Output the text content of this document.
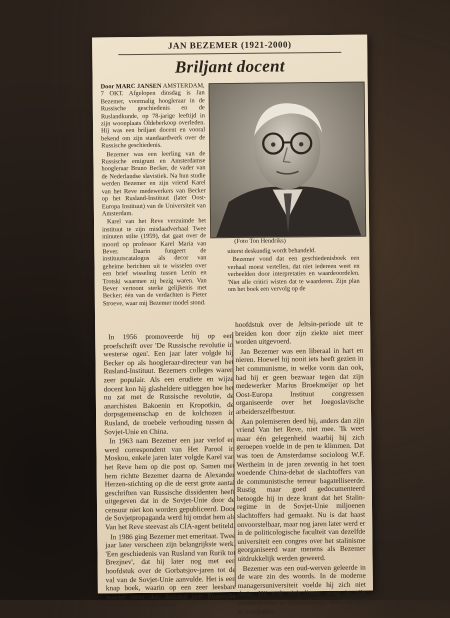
JAN BEZEMER (1921-2000)
Briljant docent

Door MARC JANSEN AMSTERDAM, 7 OKT. Afgelopen dinsdag is Jan Bezemer, voormalig hoogleraar in de Russische geschiedenis en de Ruslandkunde, op 78-jarige leeftijd in zijn woonplaats Oldeberkoop overleden. Hij was een briljant docent en vooral bekend om zijn standaardwerk over de Russische geschiedenis.

Bezemer was een leerling van de Russische emigrant en Amsterdamse hoogleraar Bruno Becker, de vader van de Nederlandse slavistiek. Na hun studie werden Bezemer en zijn vriend Karel van het Reve medewerkers van Becker op het Rusland-Instituut (later Oost-Europa Instituut) van de Universiteit van Amsterdam.

Karel van het Reve verzuimde het instituut te zijn misdaadverhaal Twee minuten stilte (1959), dat gaat over de moord op professor Karel Maria van Bever. Daarin fungeert de instituutscatalogus als decor van geheime berichten uit te wisselen over een brief wisseling tussen Lenin en Trotski waarmee zij bezig waren. Van Bever vertoont sterke gelijkenis met Becker; één van de verdachten is Pieter Stroeve, waar mij Bezemer model stond.

(Foto Ton Hendriks)

uiterst deskundig wordt behandeld.

Bezemer vond dat een geschiedenisboek een verhaal moest vertellen, dat niet iedereen weet en verbeelden door interpretaties en waardeoordelen. 'Niet alle critici wisten dat te waarderen. Zijn plan om het boek een vervolg op de

In 1956 promoveerde hij op een proefschrift over 'De Russische revolutie in westerse ogen'. Een jaar later volgde hij Becker op als hoogleraar-directeur van het Rusland-Instituut. Bezemers colleges waren zeer populair. Als een erudiete en wijze docent kon hij glasheldere uitleggen hoe het nu zat met de Russische revolutie, de anarchisten Bakoenin en Kropotkin, de dorpsgemeenschap en de kolchozen in Rusland, de troebele verhouding tussen de Sovjet-Unie en China.

In 1963 nam Bezemer een jaar verlof en werd correspondent van Het Parool in Moskou, enkele jaren later volgde Karel van het Reve hem op die post op. Samen met hem richtte Bezemer daarna de Alexander Herzen-stichting op die de eerst grote aantal geschriften van Russische dissidenten heeft uitgegeven dat in de Sovjet-Unie door de censuur niet kon worden gepubliceerd. Door de Sovjetpropaganda werd hij omdat hem als Van het Reve steevast als CIA-agent betiteld.

In 1986 ging Bezemer met emeritaat. Twee jaar later verscheen zijn belangrijkste werk, 'Een geschiedenis van Rusland van Rurik tot Brezjnev', dat hij later nog met een hoofdstuk over de Gorbatsjov-jaren tot de val van de Sovjet-Unie aanvulde. Het is een knap boek, waarin op een zeer leesbare manier meer dan duizend jaar Russische geschiedenis geserveerd

hoofdstuk over de Jeltsin-periode uit te breiden kon door zijn ziekte niet meer worden uitgevoerd.

Jan Bezemer was een liberaal in hart en nieren. Hoewel hij nooit iets heeft gezien in het communisme, in welke vorm dan ook, had hij er geen bezwaar tegen dat zijn medewerker Marius Broekmeijer op het Oost-Europa Instituut congressen organiseerde over het Joegoslavische arbeiderszelfbestuur.

Aan polemiseren deed hij, anders dan zijn vriend Van het Reve, niet mee. 'Ik weet maar één gelegenheid waarbij hij zich geroepen voelde in de pen te klimmen. Dat was toen de Amsterdamse socioloog W.F. Wertheim in de jaren zeventig in het toen woedende China-debat de slachtoffers van de communistische terreur bagatelliseerde. Rustig maar goed gedocumenteerd betoogde hij in deze krant dat het Stalin-regime in de Sovjet-Unie miljoenen slachtoffers had gemaakt. Nu is dat haast onvoorstelbaar, maar nog jaren later werd er in de politicologische faculteit van dezelfde universiteit een congres over het stalinisme georganiseerd waar menens als Bezemer uitdrukkelijk werden geweerd.

Bezemer was een oud-werven geleerde in de ware zin des woords. In de moderne managersuniversiteit voelde hij zich niet thuis. Hij trok zich liever terug in zijn studeerkamer in Oldeberkoop, waar hij ook is overleden.
